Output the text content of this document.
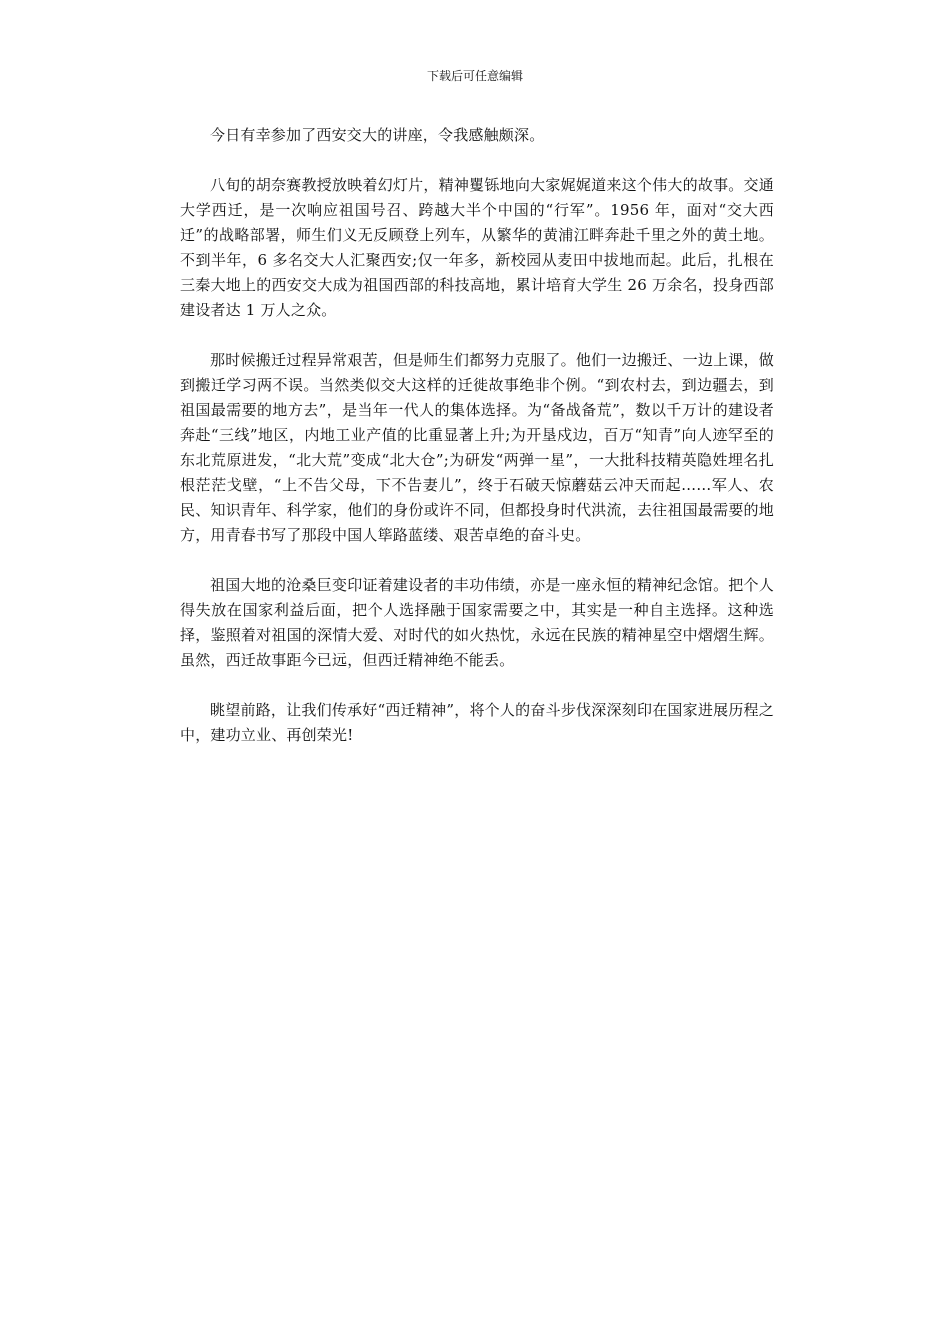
下载后可任意编辑

今日有幸参加了西安交大的讲座，令我感触颇深。

八旬的胡奈赛教授放映着幻灯片，精神矍铄地向大家娓娓道来这个伟大的故事。交通大学西迁，是一次响应祖国号召、跨越大半个中国的“行军”。1956 年，面对“交大西迁”的战略部署，师生们义无反顾登上列车，从繁华的黄浦江畔奔赴千里之外的黄土地。不到半年，6 多名交大人汇聚西安;仅一年多，新校园从麦田中拔地而起。此后，扎根在三秦大地上的西安交大成为祖国西部的科技高地，累计培育大学生 26 万余名，投身西部建设者达 1 万人之众。

那时候搬迁过程异常艰苦，但是师生们都努力克服了。他们一边搬迁、一边上课，做到搬迁学习两不误。当然类似交大这样的迁徙故事绝非个例。“到农村去，到边疆去，到祖国最需要的地方去”，是当年一代人的集体选择。为“备战备荒”，数以千万计的建设者奔赴“三线”地区，内地工业产值的比重显著上升;为开垦戍边，百万“知青”向人迹罕至的东北荒原进发，“北大荒”变成“北大仓”;为研发“两弹一星”，一大批科技精英隐姓埋名扎根茫茫戈壁，“上不告父母，下不告妻儿”，终于石破天惊蘑菇云冲天而起……军人、农民、知识青年、科学家，他们的身份或许不同，但都投身时代洪流，去往祖国最需要的地方，用青春书写了那段中国人筚路蓝缕、艰苦卓绝的奋斗史。

祖国大地的沧桑巨变印证着建设者的丰功伟绩，亦是一座永恒的精神纪念馆。把个人得失放在国家利益后面，把个人选择融于国家需要之中，其实是一种自主选择。这种选择，鉴照着对祖国的深情大爱、对时代的如火热忱，永远在民族的精神星空中熠熠生辉。虽然，西迁故事距今已远，但西迁精神绝不能丢。

眺望前路，让我们传承好“西迁精神”，将个人的奋斗步伐深深刻印在国家进展历程之中，建功立业、再创荣光!
